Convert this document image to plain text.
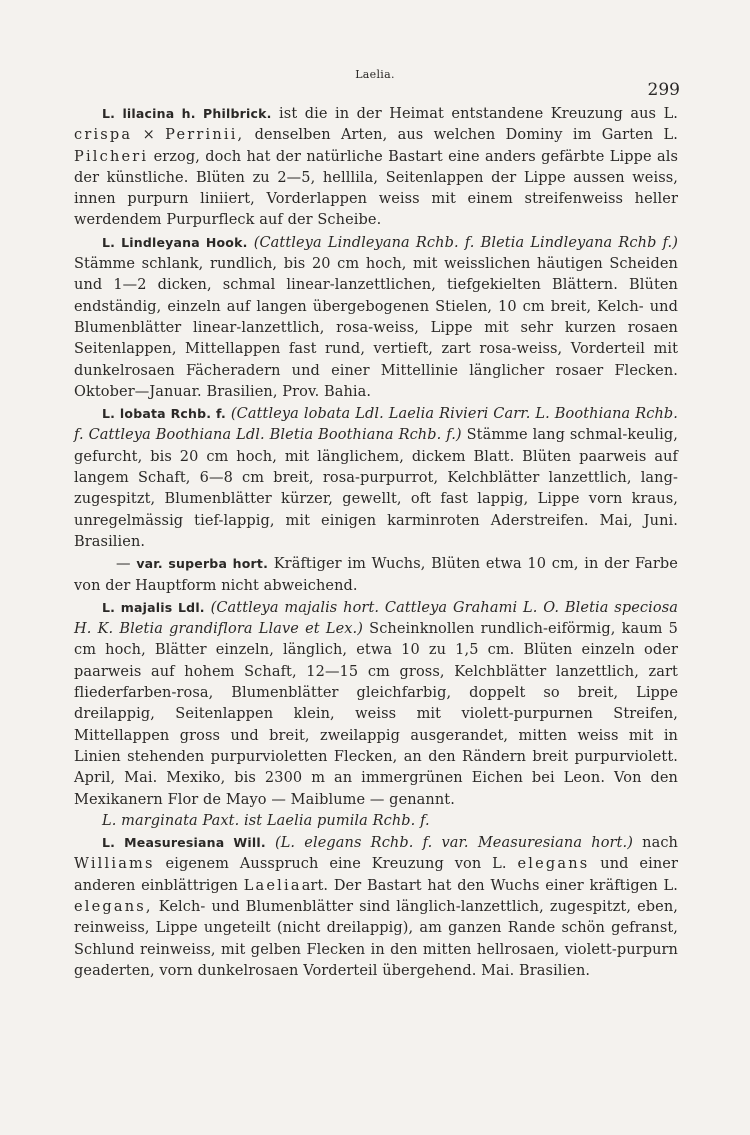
Laelia.
299

L. lilacina h. Philbrick. ist die in der Heimat entstandene Kreuzung aus L. crispa × Perrinii, denselben Arten, aus welchen Dominy im Garten L. Pilcheri erzog, doch hat der natürliche Bastart eine anders gefärbte Lippe als der künstliche. Blüten zu 2—5, helllila, Seitenlappen der Lippe aussen weiss, innen purpurn liniiert, Vorderlappen weiss mit einem streifenweiss heller werdendem Purpurfleck auf der Scheibe.

L. Lindleyana Hook. (Cattleya Lindleyana Rchb. f. Bletia Lindleyana Rchb f.) Stämme schlank, rundlich, bis 20 cm hoch, mit weisslichen häutigen Scheiden und 1—2 dicken, schmal linear-lanzettlichen, tiefgekielten Blättern. Blüten endständig, einzeln auf langen übergebogenen Stielen, 10 cm breit, Kelch- und Blumenblätter linear-lanzettlich, rosa-weiss, Lippe mit sehr kurzen rosaen Seitenlappen, Mittellappen fast rund, vertieft, zart rosa-weiss, Vorderteil mit dunkelrosaen Fächeradern und einer Mittellinie länglicher rosaer Flecken. Oktober—Januar. Brasilien, Prov. Bahia.

L. lobata Rchb. f. (Cattleya lobata Ldl. Laelia Rivieri Carr. L. Boothiana Rchb. f. Cattleya Boothiana Ldl. Bletia Boothiana Rchb. f.) Stämme lang schmal-keulig, gefurcht, bis 20 cm hoch, mit länglichem, dickem Blatt. Blüten paarweis auf langem Schaft, 6—8 cm breit, rosa-purpurrot, Kelchblätter lanzettlich, lang-zugespitzt, Blumenblätter kürzer, gewellt, oft fast lappig, Lippe vorn kraus, unregelmässig tief-lappig, mit einigen karminroten Aderstreifen. Mai, Juni. Brasilien.

— var. superba hort. Kräftiger im Wuchs, Blüten etwa 10 cm, in der Farbe von der Hauptform nicht abweichend.

L. majalis Ldl. (Cattleya majalis hort. Cattleya Grahami L. O. Bletia speciosa H. K. Bletia grandiflora Llave et Lex.) Scheinknollen rundlich-eiförmig, kaum 5 cm hoch, Blätter einzeln, länglich, etwa 10 zu 1,5 cm. Blüten einzeln oder paarweis auf hohem Schaft, 12—15 cm gross, Kelchblätter lanzettlich, zart fliederfarben-rosa, Blumenblätter gleichfarbig, doppelt so breit, Lippe dreilappig, Seitenlappen klein, weiss mit violett-purpurnen Streifen, Mittellappen gross und breit, zweilappig ausgerandet, mitten weiss mit in Linien stehenden purpurvioletten Flecken, an den Rändern breit purpurviolett. April, Mai. Mexiko, bis 2300 m an immergrünen Eichen bei Leon. Von den Mexikanern Flor de Mayo — Maiblume — genannt.

L. marginata Paxt. ist Laelia pumila Rchb. f.

L. Measuresiana Will. (L. elegans Rchb. f. var. Measuresiana hort.) nach Williams eigenem Ausspruch eine Kreuzung von L. elegans und einer anderen einblättrigen Laeliaart. Der Bastart hat den Wuchs einer kräftigen L. elegans, Kelch- und Blumenblätter sind länglich-lanzettlich, zugespitzt, eben, reinweiss, Lippe ungeteilt (nicht dreilappig), am ganzen Rande schön gefranst, Schlund reinweiss, mit gelben Flecken in den mitten hellrosaen, violett-purpurn geaderten, vorn dunkelrosaen Vorderteil übergehend. Mai. Brasilien.
